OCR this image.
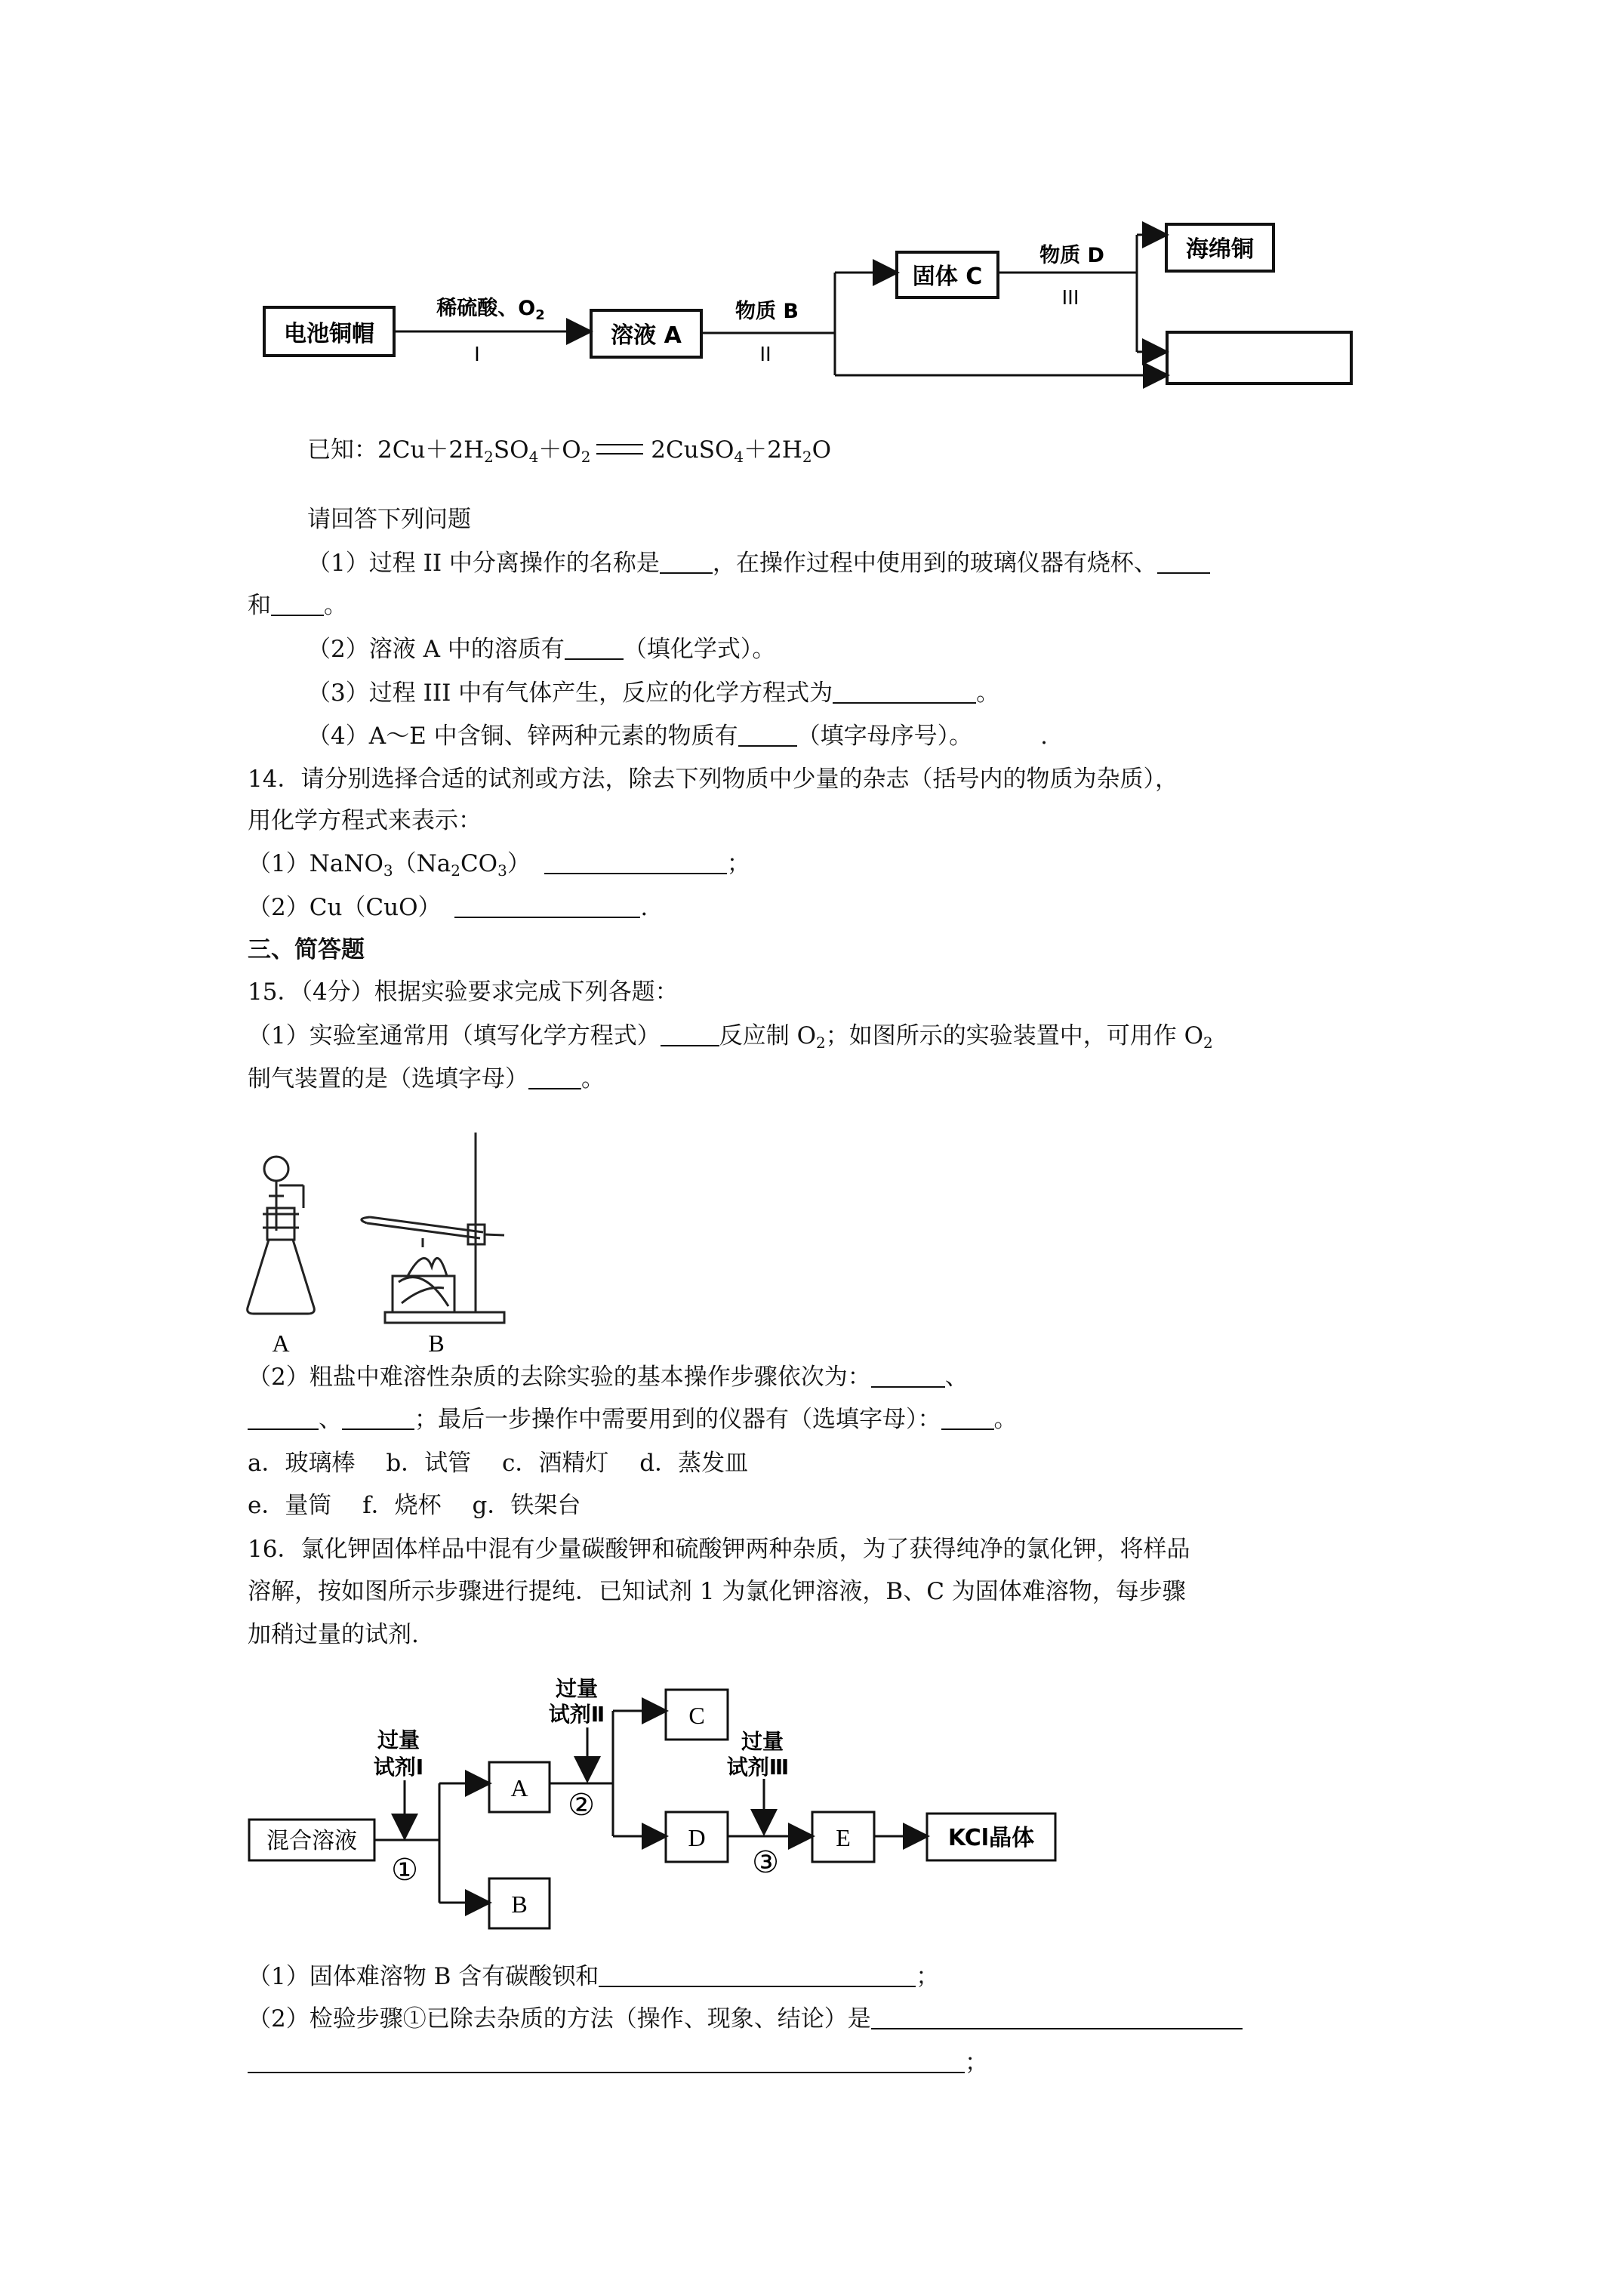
电池铜帽
稀硫酸、$O_2$
I
溶液 A
物质 B
II
固体 C
物质 D
III
海绵铜
已知：$2Cu+2H_2SO_4+O_2$ $2CuSO_4+2H_2O$
请回答下列问题
（1）过程 II 中分离操作的名称是 ，在操作过程中使用到的玻璃仪器有烧杯、
和 。
（2）溶液 A 中的溶质有	（填化学式）。
（3）过程 III 中有气体产生，反应的化学方程式为	。
（4）A～E 中含铜、锌两种元素的物质有	（填字母序号）。	.
14．请分别选择合适的试剂或方法，除去下列物质中少量的杂志（括号内的物质为杂质），
用化学方程式来表示：
$(1)NaNO_3(Na_2CO_3)$	；
（2）Cu（CuO）	.
三、简答题
15．（4分）根据实验要求完成下列各题：
（1）实验室通常用（填写化学方程式）	反应制 $O_2$；如图所示的实验装置中，可用作 $O_2$
制气装置的是（选填字母） 。
A	B
（2）粗盐中难溶性杂质的去除实验的基本操作步骤依次为：	、
、	；最后一步操作中需要用到的仪器有（选填字母）： 。
a．玻璃棒　 b．试管　 c．酒精灯　 d．蒸发皿
e．量筒　 f．烧杯　 g．铁架台
16．氯化钾固体样品中混有少量碳酸钾和硫酸钾两种杂质，为了获得纯净的氯化钾，将样品
溶解，按如图所示步骤进行提纯．已知试剂 1 为氯化钾溶液，B、C 为固体难溶物，每步骤
加稍过量的试剂.
混合溶液
过量
试剂Ⅰ
①
A
B
②
过量
试剂Ⅱ	C
D
③
过量
试剂Ⅲ
E	KCl晶体
（1）固体难溶物 B 含有碳酸钡和	；
（2）检验步骤①已除去杂质的方法（操作、现象、结论）是
；
